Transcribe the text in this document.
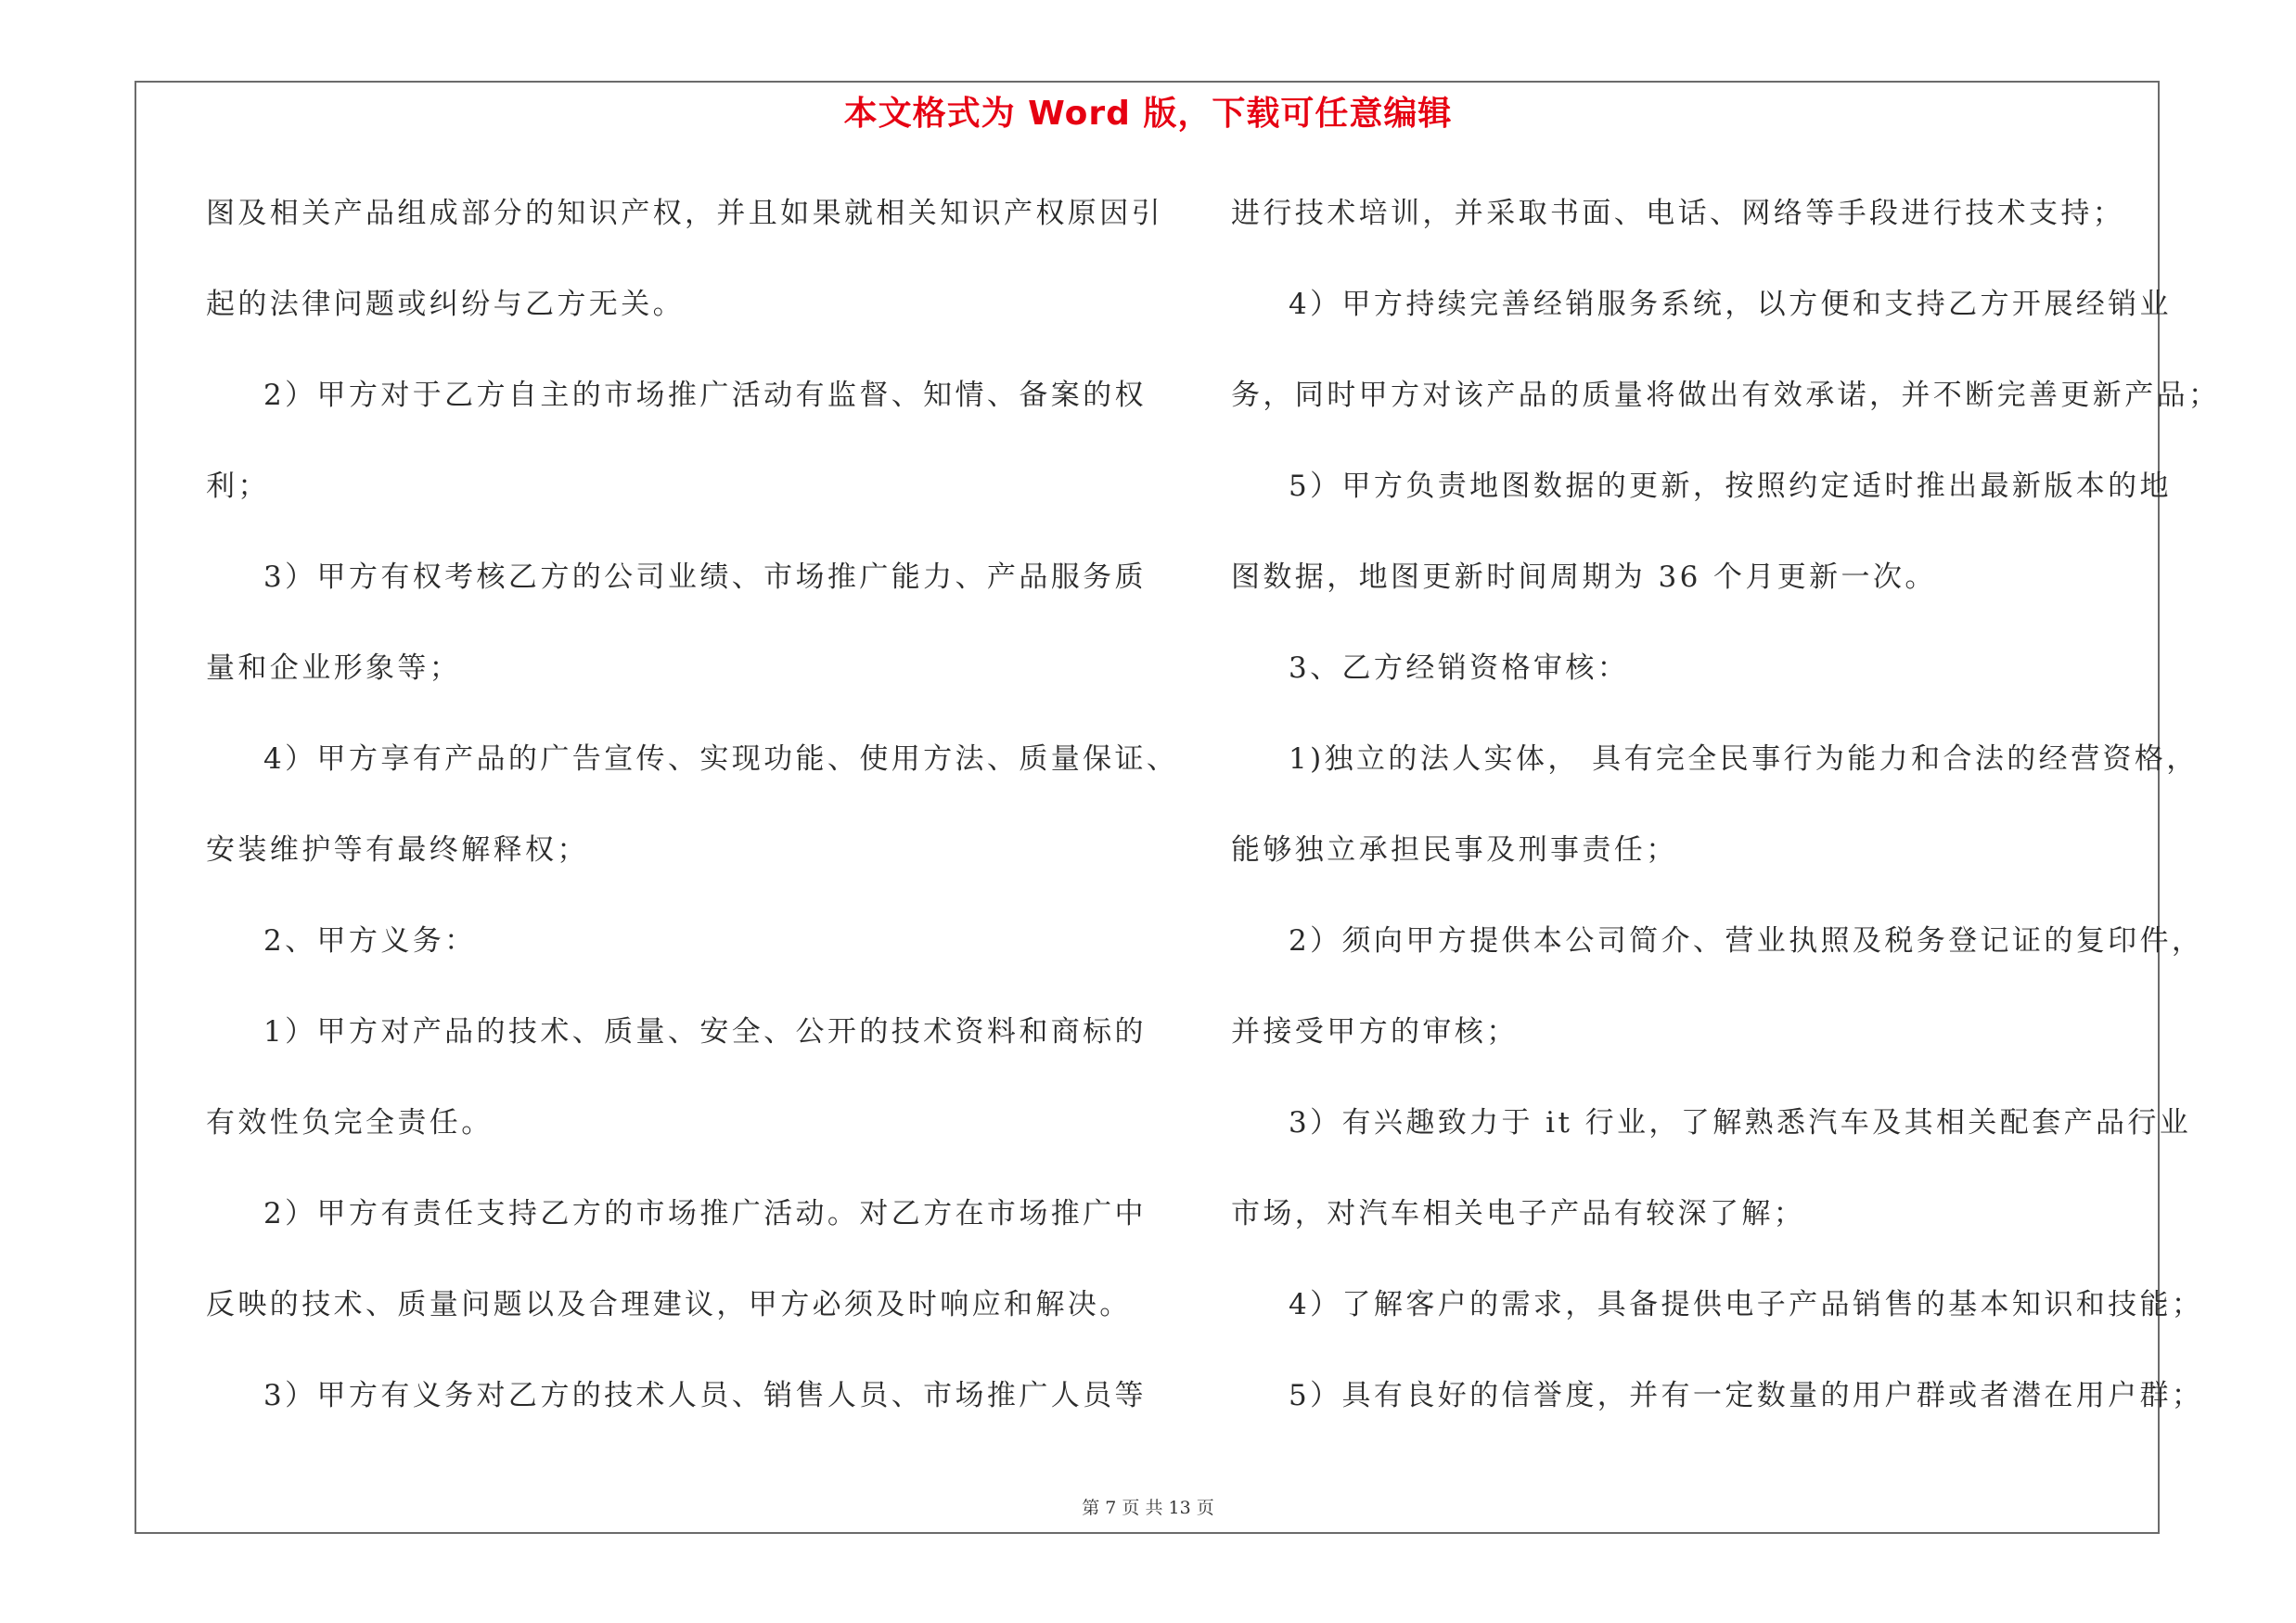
本文格式为 Word 版，下载可任意编辑
图及相关产品组成部分的知识产权，并且如果就相关知识产权原因引
起的法律问题或纠纷与乙方无关。
2）甲方对于乙方自主的市场推广活动有监督、知情、备案的权
利；
3）甲方有权考核乙方的公司业绩、市场推广能力、产品服务质
量和企业形象等；
4）甲方享有产品的广告宣传、实现功能、使用方法、质量保证、
安装维护等有最终解释权；
2、甲方义务：
1）甲方对产品的技术、质量、安全、公开的技术资料和商标的
有效性负完全责任。
2）甲方有责任支持乙方的市场推广活动。对乙方在市场推广中
反映的技术、质量问题以及合理建议，甲方必须及时响应和解决。
3）甲方有义务对乙方的技术人员、销售人员、市场推广人员等
进行技术培训，并采取书面、电话、网络等手段进行技术支持；
4）甲方持续完善经销服务系统，以方便和支持乙方开展经销业
务，同时甲方对该产品的质量将做出有效承诺，并不断完善更新产品；
5）甲方负责地图数据的更新，按照约定适时推出最新版本的地
图数据，地图更新时间周期为 36 个月更新一次。
3、乙方经销资格审核：
1)独立的法人实体， 具有完全民事行为能力和合法的经营资格，
能够独立承担民事及刑事责任；
2）须向甲方提供本公司简介、营业执照及税务登记证的复印件，
并接受甲方的审核；
3）有兴趣致力于 it 行业，了解熟悉汽车及其相关配套产品行业
市场，对汽车相关电子产品有较深了解；
4）了解客户的需求，具备提供电子产品销售的基本知识和技能；
5）具有良好的信誉度，并有一定数量的用户群或者潜在用户群；
第 7 页 共 13 页
